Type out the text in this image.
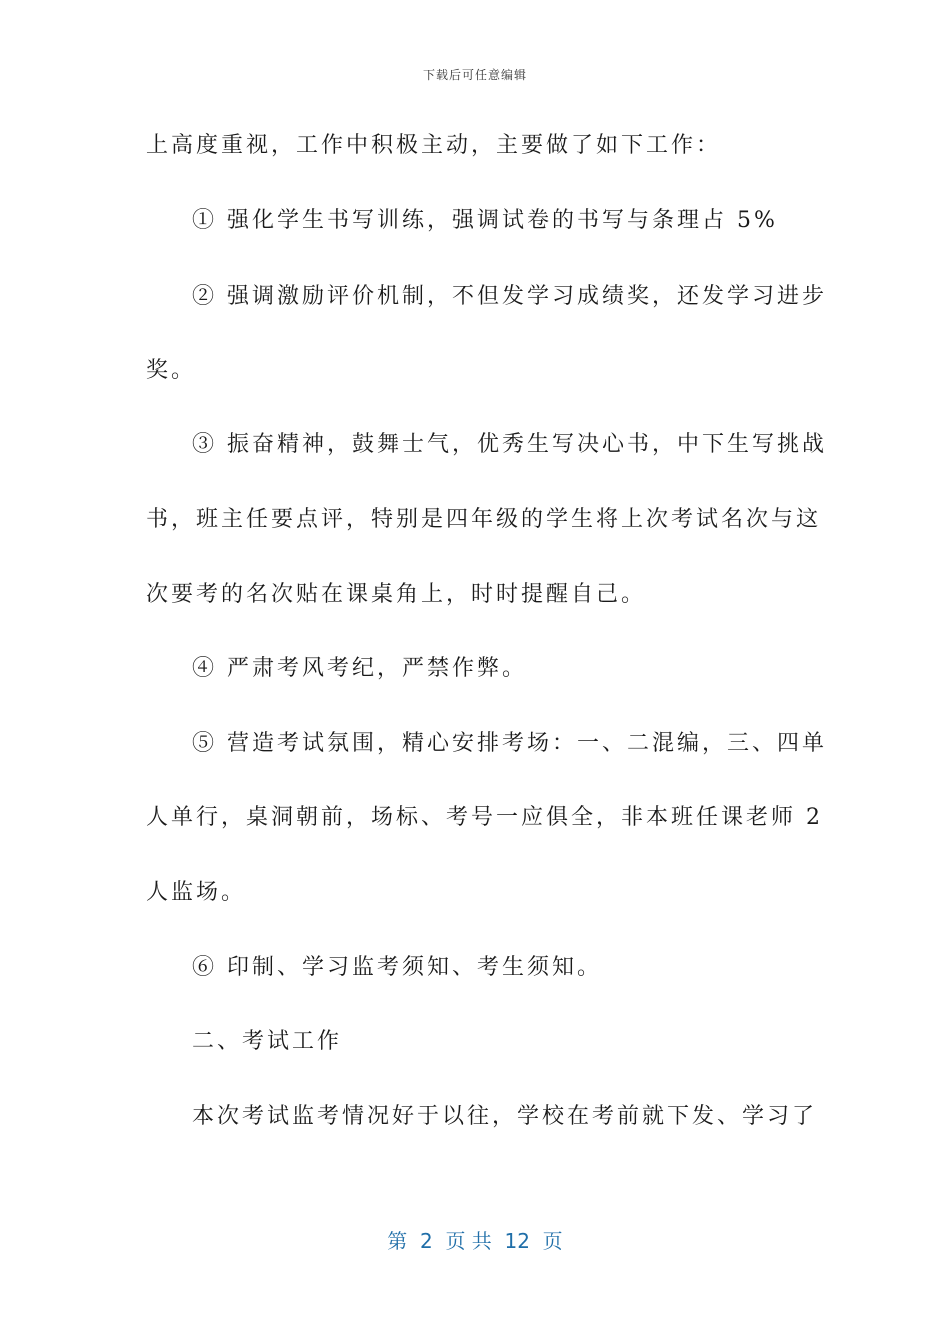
下载后可任意编辑
上高度重视，工作中积极主动，主要做了如下工作：
① 强化学生书写训练，强调试卷的书写与条理占 5%
② 强调激励评价机制，不但发学习成绩奖，还发学习进步
奖。
③ 振奋精神，鼓舞士气，优秀生写决心书，中下生写挑战
书，班主任要点评，特别是四年级的学生将上次考试名次与这
次要考的名次贴在课桌角上，时时提醒自己。
④ 严肃考风考纪，严禁作弊。
⑤ 营造考试氛围，精心安排考场：一、二混编，三、四单
人单行，桌洞朝前，场标、考号一应俱全，非本班任课老师 2
人监场。
⑥ 印制、学习监考须知、考生须知。
二、考试工作
本次考试监考情况好于以往，学校在考前就下发、学习了
第  2  页 共  12  页
